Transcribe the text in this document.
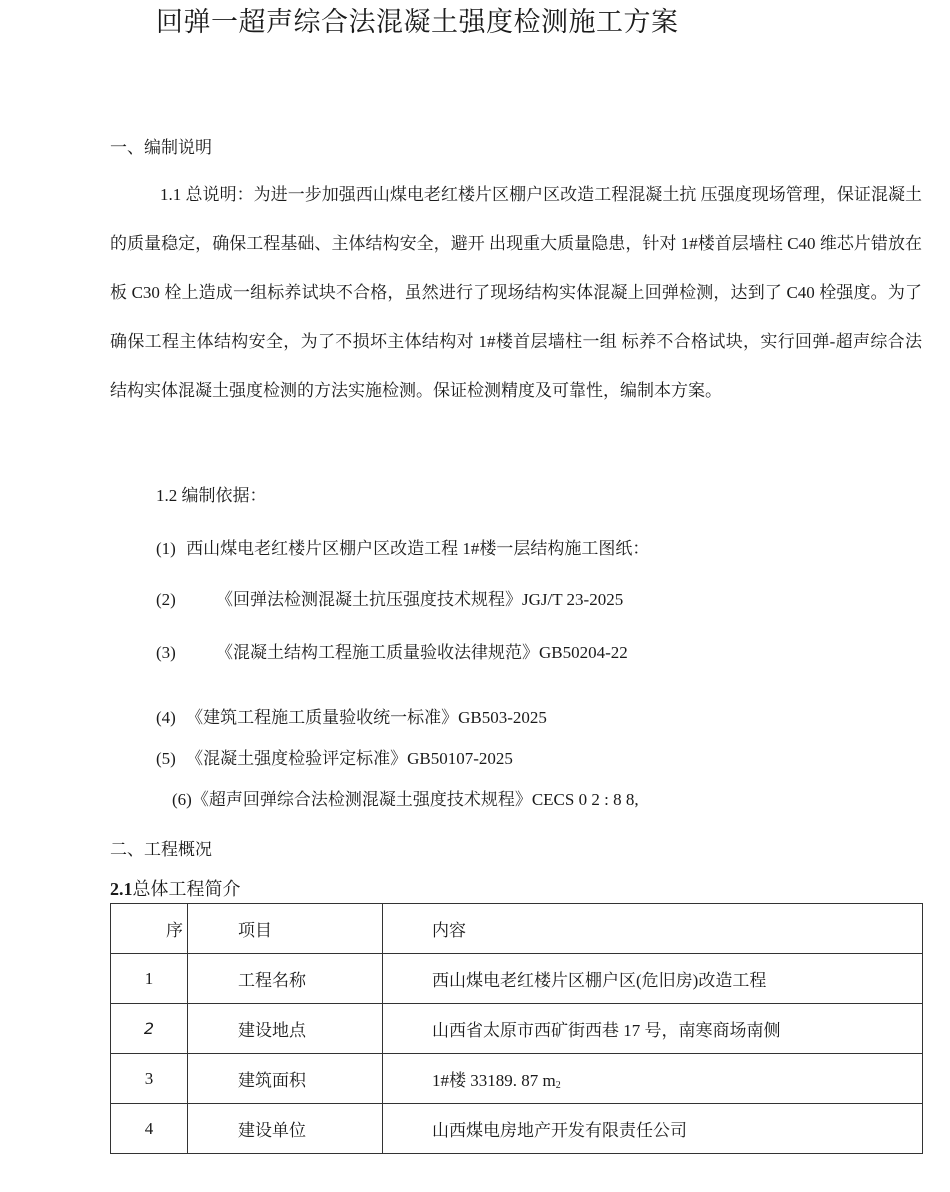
回弹一超声综合法混凝土强度检测施工方案
一、编制说明

1.1 总说明：为进一步加强西山煤电老红楼片区棚户区改造工程混凝土抗 压强度现场管理，保证混凝土的质量稳定，确保工程基础、主体结构安全，避开 出现重大质量隐患，针对 1#楼首层墙柱 C40 维芯片错放在板 C30 栓上造成一组标养试块不合格，虽然进行了现场结构实体混凝上回弹检测，达到了 C40 栓强度。为了确保工程主体结构安全，为了不损坏主体结构对 1#楼首层墙柱一组 标养不合格试块，实行回弹-超声综合法结构实体混凝土强度检测的方法实施检测。保证检测精度及可靠性，编制本方案。

1.2 编制依据：
(1) 西山煤电老红楼片区棚户区改造工程 1#楼一层结构施工图纸：
(2) 《回弹法检测混凝土抗压强度技术规程》JGJ/T 23-2025
(3) 《混凝土结构工程施工质量验收法律规范》GB50204-22
(4) 《建筑工程施工质量验收统一标准》GB503-2025
(5) 《混凝土强度检验评定标准》GB50107-2025
(6)《超声回弹综合法检测混凝土强度技术规程》CECS 0 2 : 8 8,
二、工程概况
2.1总体工程简介
序	项目	内容
1	工程名称	西山煤电老红楼片区棚户区(危旧房)改造工程
2	建设地点	山西省太原市西矿街西巷 17 号，南寒商场南侧
3	建筑面积	1#楼 33189. 87 $m_2$
4	建设单位	山西煤电房地产开发有限责任公司
